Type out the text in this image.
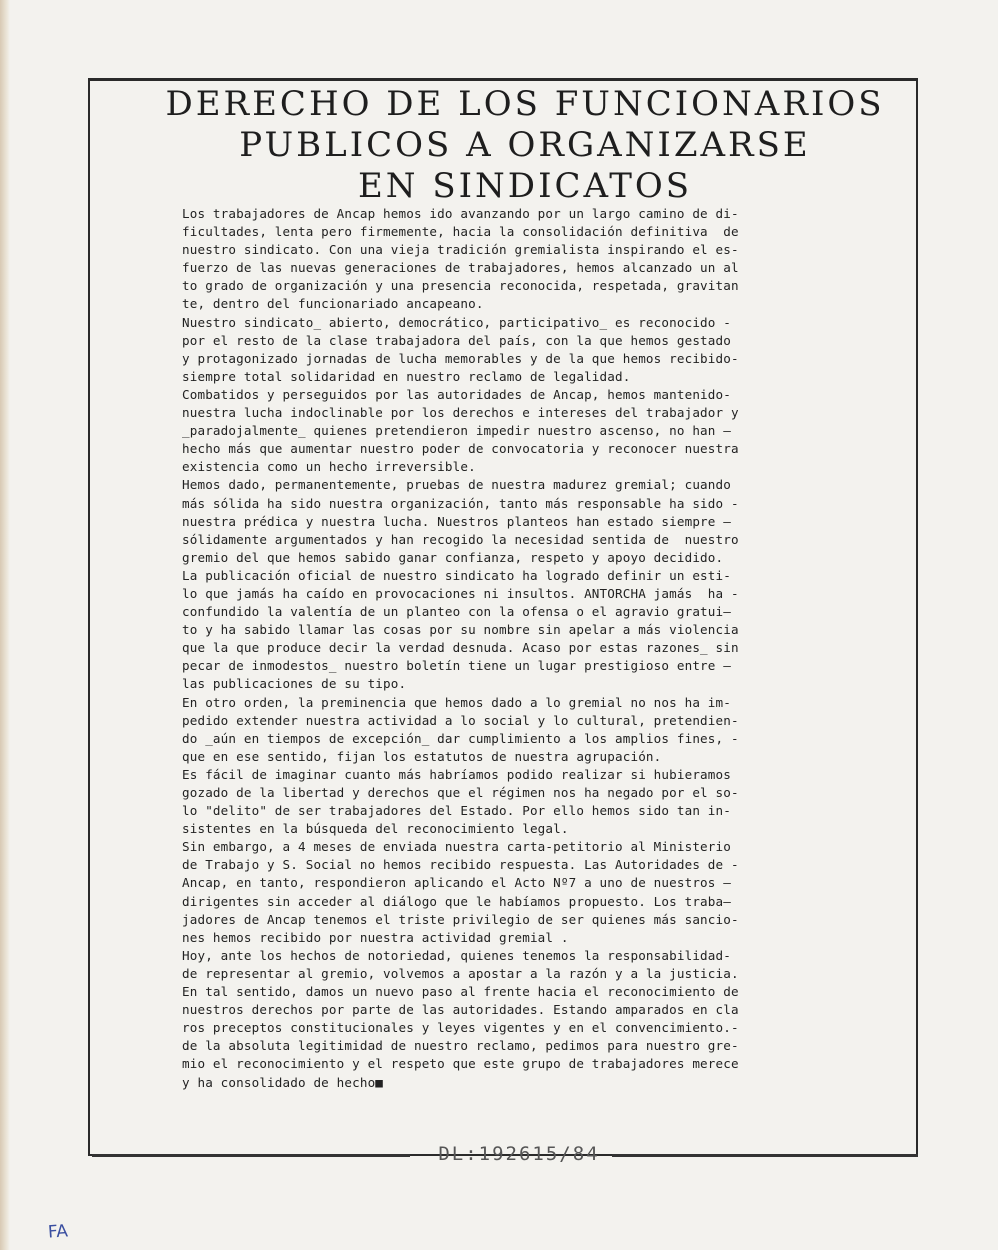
DERECHO DE LOS FUNCIONARIOS
PUBLICOS A ORGANIZARSE
EN SINDICATOS
Los trabajadores de Ancap hemos ido avanzando por un largo camino de di-
ficultades, lenta pero firmemente, hacia la consolidación definitiva  de
nuestro sindicato. Con una vieja tradición gremialista inspirando el es-
fuerzo de las nuevas generaciones de trabajadores, hemos alcanzado un al
to grado de organización y una presencia reconocida, respetada, gravitan
te, dentro del funcionariado ancapeano.
Nuestro sindicato_ abierto, democrático, participativo_ es reconocido -
por el resto de la clase trabajadora del país, con la que hemos gestado
y protagonizado jornadas de lucha memorables y de la que hemos recibido-
siempre total solidaridad en nuestro reclamo de legalidad.
Combatidos y perseguidos por las autoridades de Ancap, hemos mantenido-
nuestra lucha indoclinable por los derechos e intereses del trabajador y
_paradojalmente_ quienes pretendieron impedir nuestro ascenso, no han —
hecho más que aumentar nuestro poder de convocatoria y reconocer nuestra
existencia como un hecho irreversible.
Hemos dado, permanentemente, pruebas de nuestra madurez gremial; cuando
más sólida ha sido nuestra organización, tanto más responsable ha sido -
nuestra prédica y nuestra lucha. Nuestros planteos han estado siempre —
sólidamente argumentados y han recogido la necesidad sentida de  nuestro
gremio del que hemos sabido ganar confianza, respeto y apoyo decidido.
La publicación oficial de nuestro sindicato ha logrado definir un esti-
lo que jamás ha caído en provocaciones ni insultos. ANTORCHA jamás  ha -
confundido la valentía de un planteo con la ofensa o el agravio gratui—
to y ha sabido llamar las cosas por su nombre sin apelar a más violencia
que la que produce decir la verdad desnuda. Acaso por estas razones_ sin
pecar de inmodestos_ nuestro boletín tiene un lugar prestigioso entre —
las publicaciones de su tipo.
En otro orden, la preminencia que hemos dado a lo gremial no nos ha im-
pedido extender nuestra actividad a lo social y lo cultural, pretendien-
do _aún en tiempos de excepción_ dar cumplimiento a los amplios fines, -
que en ese sentido, fijan los estatutos de nuestra agrupación.
Es fácil de imaginar cuanto más habríamos podido realizar si hubieramos
gozado de la libertad y derechos que el régimen nos ha negado por el so-
lo "delito" de ser trabajadores del Estado. Por ello hemos sido tan in-
sistentes en la búsqueda del reconocimiento legal.
Sin embargo, a 4 meses de enviada nuestra carta-petitorio al Ministerio
de Trabajo y S. Social no hemos recibido respuesta. Las Autoridades de -
Ancap, en tanto, respondieron aplicando el Acto Nº7 a uno de nuestros —
dirigentes sin acceder al diálogo que le habíamos propuesto. Los traba—
jadores de Ancap tenemos el triste privilegio de ser quienes más sancio-
nes hemos recibido por nuestra actividad gremial .
Hoy, ante los hechos de notoriedad, quienes tenemos la responsabilidad-
de representar al gremio, volvemos a apostar a la razón y a la justicia.
En tal sentido, damos un nuevo paso al frente hacia el reconocimiento de
nuestros derechos por parte de las autoridades. Estando amparados en cla
ros preceptos constitucionales y leyes vigentes y en el convencimiento.-
de la absoluta legitimidad de nuestro reclamo, pedimos para nuestro gre-
mio el reconocimiento y el respeto que este grupo de trabajadores merece
y ha consolidado de hecho■
DL:192615/84
FA
